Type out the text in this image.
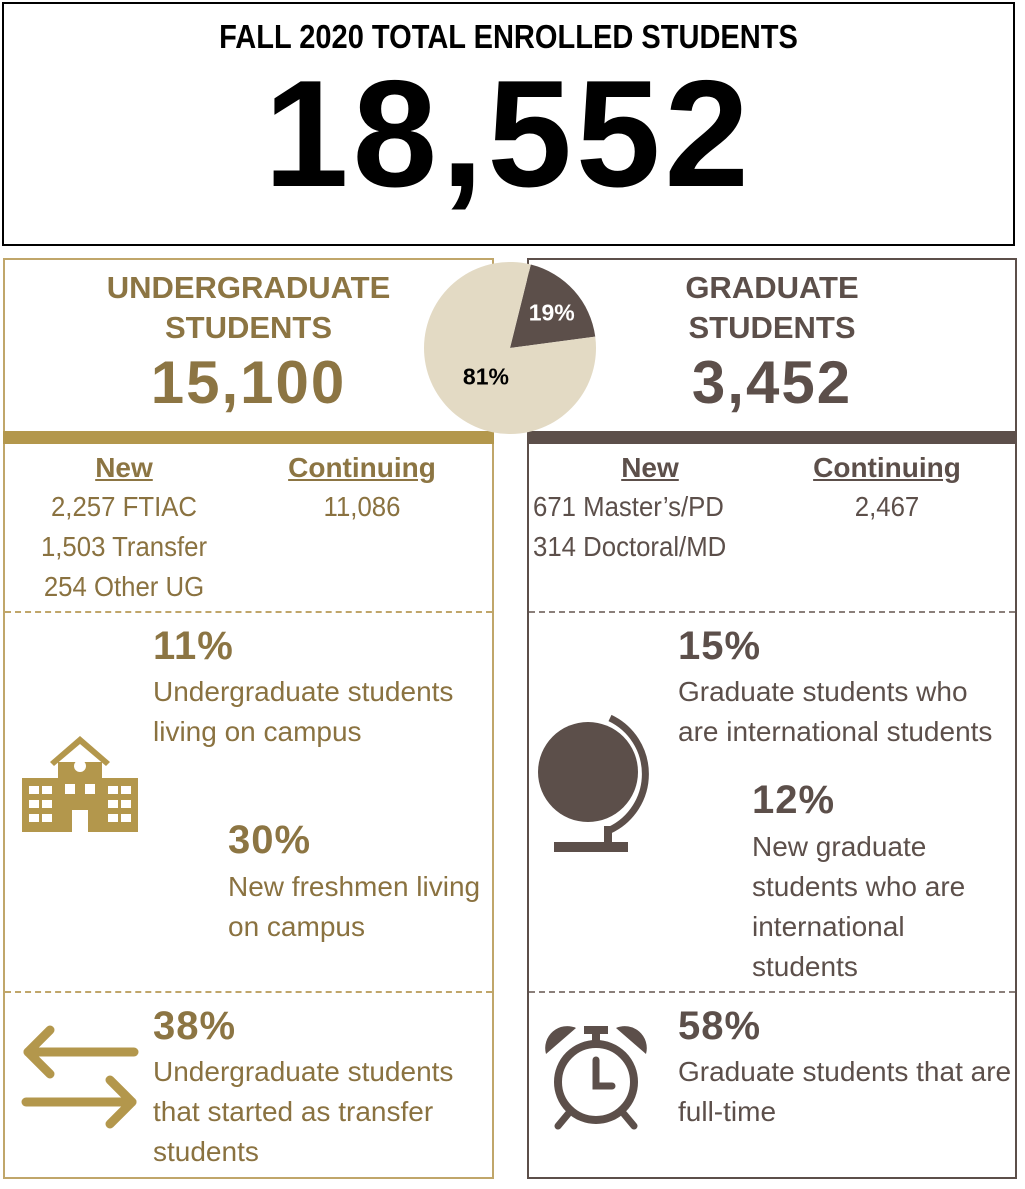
FALL 2020 TOTAL ENROLLED STUDENTS
18,552
UNDERGRADUATE
STUDENTS
15,100
GRADUATE
STUDENTS
3,452
19%
81%
New	Continuing
2,257 FTIAC
1,503 Transfer
254 Other UG
11,086
New	Continuing
671 Master’s/PD
314 Doctoral/MD
2,467
11%
Undergraduate students
living on campus
30%
New freshmen living
on campus
38%
Undergraduate students
that started as transfer
students
15%
Graduate students who
are international students
12%
New graduate
students who are
international
students
58%
Graduate students that are
full-time
